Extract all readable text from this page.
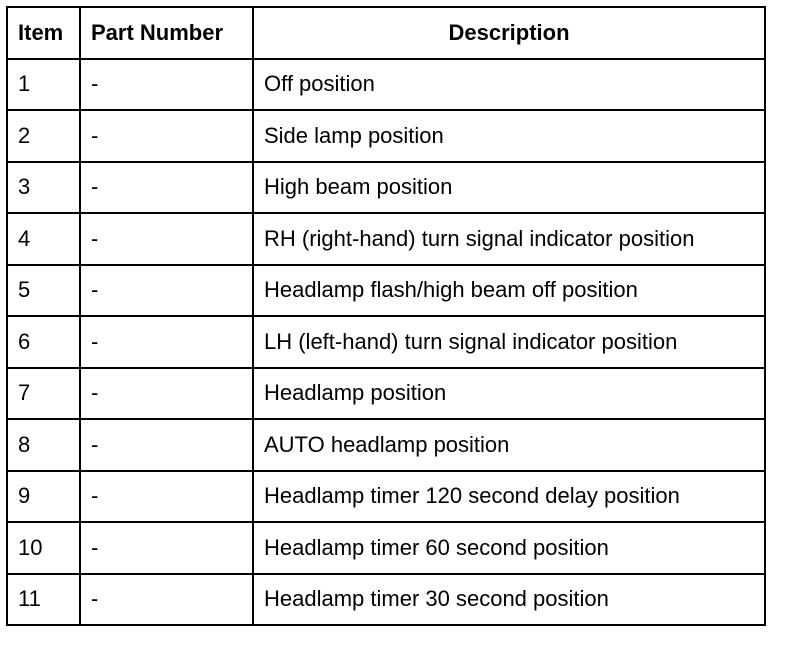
Item	Part Number	Description
1	-	Off position
2	-	Side lamp position
3	-	High beam position
4	-	RH (right-hand) turn signal indicator position
5	-	Headlamp flash/high beam off position
6	-	LH (left-hand) turn signal indicator position
7	-	Headlamp position
8	-	AUTO headlamp position
9	-	Headlamp timer 120 second delay position
10	-	Headlamp timer 60 second position
11	-	Headlamp timer 30 second position
